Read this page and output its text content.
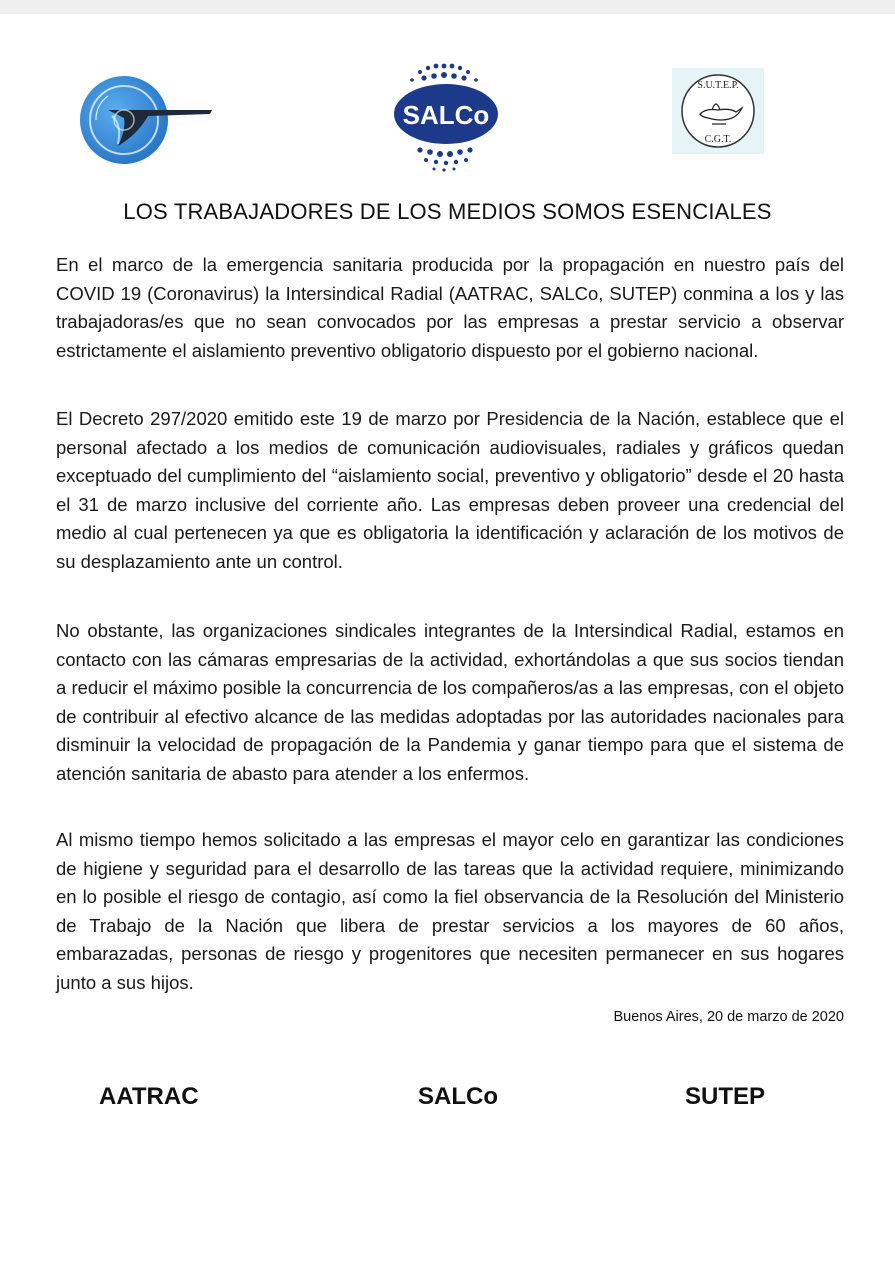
SALCo
S.U.T.E.P.
C.G.T.
LOS TRABAJADORES DE LOS MEDIOS SOMOS ESENCIALES

En el marco de la emergencia sanitaria producida por la propagación en nuestro país del COVID 19 (Coronavirus) la Intersindical Radial (AATRAC, SALCo, SUTEP) conmina a los y las trabajadoras/es que no sean convocados por las empresas a prestar servicio a observar estrictamente el aislamiento preventivo obligatorio dispuesto por el gobierno nacional.

El Decreto 297/2020 emitido este 19 de marzo por Presidencia de la Nación, establece que el personal afectado a los medios de comunicación audiovisuales, radiales y gráficos quedan exceptuado del cumplimiento del “aislamiento social, preventivo y obligatorio” desde el 20 hasta el 31 de marzo inclusive del corriente año. Las empresas deben proveer una credencial del medio al cual pertenecen ya que es obligatoria la identificación y aclaración de los motivos de su desplazamiento ante un control.

No obstante, las organizaciones sindicales integrantes de la Intersindical Radial, estamos en contacto con las cámaras empresarias de la actividad, exhortándolas a que sus socios tiendan a reducir el máximo posible la concurrencia de los compañeros/as a las empresas, con el objeto de contribuir al efectivo alcance de las medidas adoptadas por las autoridades nacionales para disminuir la velocidad de propagación de la Pandemia y ganar tiempo para que el sistema de atención sanitaria de abasto para atender a los enfermos.

Al mismo tiempo hemos solicitado a las empresas el mayor celo en garantizar las condiciones de higiene y seguridad para el desarrollo de las tareas que la actividad requiere, minimizando en lo posible el riesgo de contagio, así como la fiel observancia de la Resolución del Ministerio de Trabajo de la Nación que libera de prestar servicios a los mayores de 60 años, embarazadas, personas de riesgo y progenitores que necesiten permanecer en sus hogares junto a sus hijos.

Buenos Aires, 20 de marzo de 2020
AATRAC	SALCo	SUTEP
